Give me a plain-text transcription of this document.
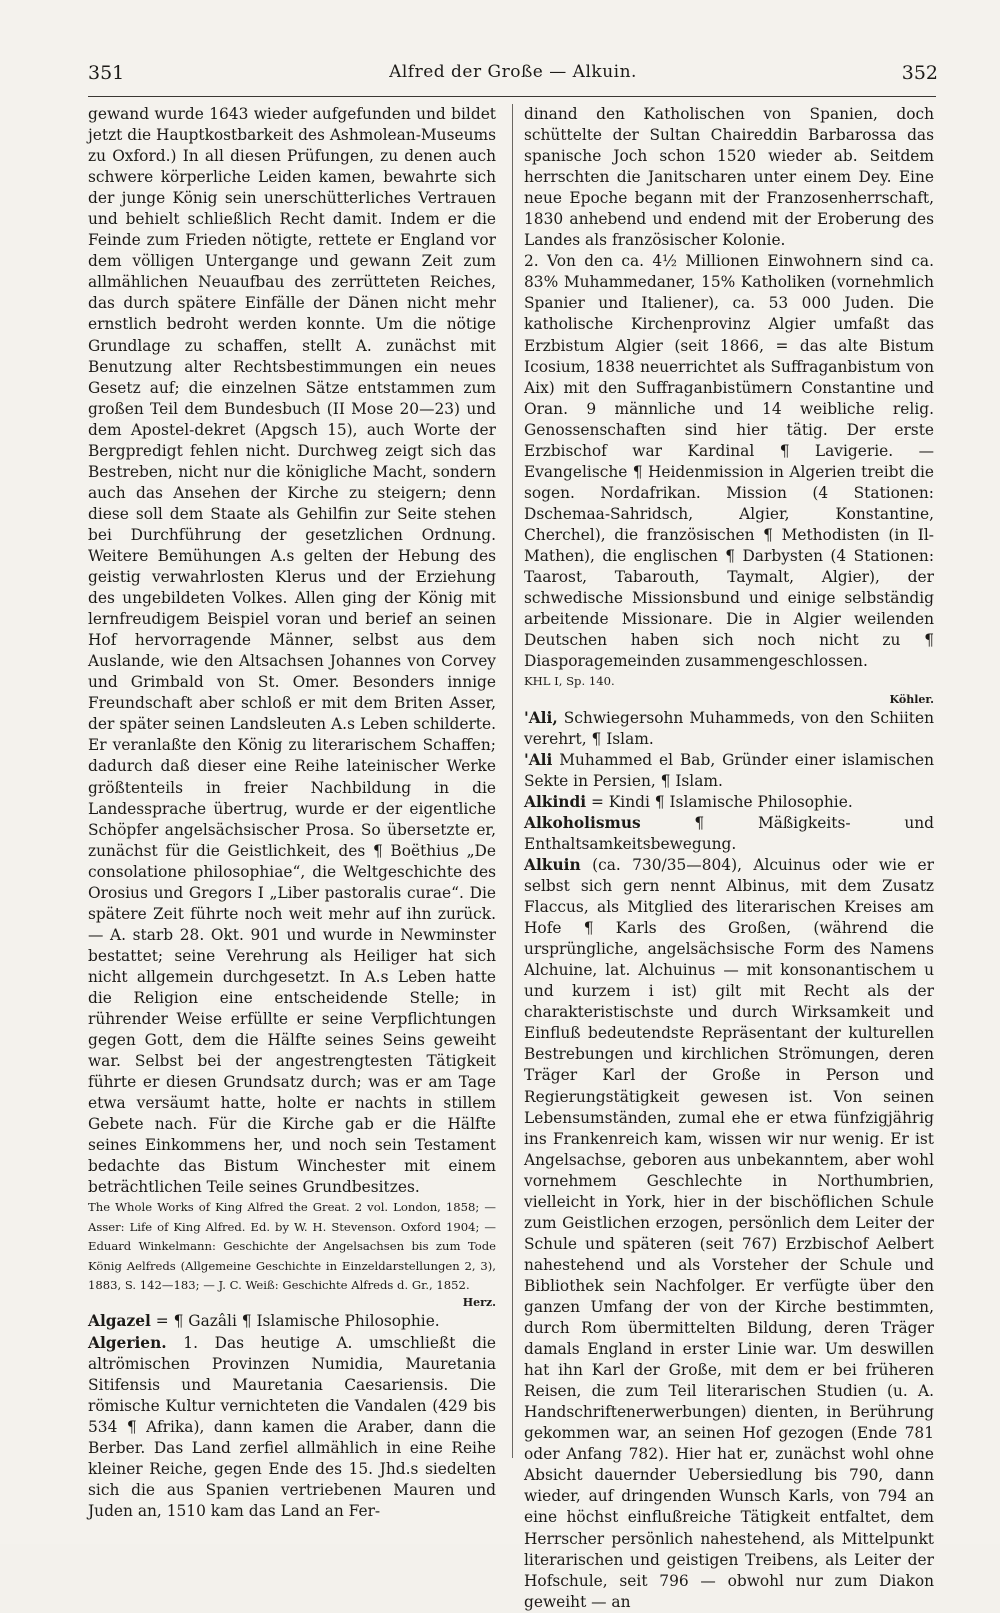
351	Alfred der Große — Alkuin.	352

gewand wurde 1643 wieder aufgefunden und bildet jetzt die Hauptkostbarkeit des Ashmolean-Museums zu Oxford.) In all diesen Prüfungen, zu denen auch schwere körperliche Leiden kamen, bewahrte sich der junge König sein unerschütterliches Vertrauen und behielt schließlich Recht damit. Indem er die Feinde zum Frieden nötigte, rettete er England vor dem völligen Untergange und gewann Zeit zum allmählichen Neuaufbau des zerrütteten Reiches, das durch spätere Einfälle der Dänen nicht mehr ernstlich bedroht werden konnte. Um die nötige Grundlage zu schaffen, stellt A. zunächst mit Benutzung alter Rechtsbestimmungen ein neues Gesetz auf; die einzelnen Sätze entstammen zum großen Teil dem Bundesbuch (II Mose 20—23) und dem Apostel-dekret (Apgsch 15), auch Worte der Bergpredigt fehlen nicht. Durchweg zeigt sich das Bestreben, nicht nur die königliche Macht, sondern auch das Ansehen der Kirche zu steigern; denn diese soll dem Staate als Gehilfin zur Seite stehen bei Durchführung der gesetzlichen Ordnung. Weitere Bemühungen A.s gelten der Hebung des geistig verwahrlosten Klerus und der Erziehung des ungebildeten Volkes. Allen ging der König mit lernfreudigem Beispiel voran und berief an seinen Hof hervorragende Männer, selbst aus dem Auslande, wie den Altsachsen Johannes von Corvey und Grimbald von St. Omer. Besonders innige Freundschaft aber schloß er mit dem Briten Asser, der später seinen Landsleuten A.s Leben schilderte. Er veranlaßte den König zu literarischem Schaffen; dadurch daß dieser eine Reihe lateinischer Werke größtenteils in freier Nachbildung in die Landessprache übertrug, wurde er der eigentliche Schöpfer angelsächsischer Prosa. So übersetzte er, zunächst für die Geistlichkeit, des ¶ Boëthius „De consolatione philosophiae“, die Weltgeschichte des Orosius und Gregors I „Liber pastoralis curae“. Die spätere Zeit führte noch weit mehr auf ihn zurück. — A. starb 28. Okt. 901 und wurde in Newminster bestattet; seine Verehrung als Heiliger hat sich nicht allgemein durchgesetzt. In A.s Leben hatte die Religion eine entscheidende Stelle; in rührender Weise erfüllte er seine Verpflichtungen gegen Gott, dem die Hälfte seines Seins geweiht war. Selbst bei der angestrengtesten Tätigkeit führte er diesen Grundsatz durch; was er am Tage etwa versäumt hatte, holte er nachts in stillem Gebete nach. Für die Kirche gab er die Hälfte seines Einkommens her, und noch sein Testament bedachte das Bistum Winchester mit einem beträchtlichen Teile seines Grundbesitzes.

The Whole Works of King Alfred the Great. 2 vol. London, 1858; — Asser: Life of King Alfred. Ed. by W. H. Stevenson. Oxford 1904; — Eduard Winkelmann: Geschichte der Angelsachsen bis zum Tode König Aelfreds (Allgemeine Geschichte in Einzeldarstellungen 2, 3), 1883, S. 142—183; — J. C. Weiß: Geschichte Alfreds d. Gr., 1852.

Herz.

Algazel = ¶ Gazâli ¶ Islamische Philosophie.

Algerien. 1. Das heutige A. umschließt die altrömischen Provinzen Numidia, Mauretania Sitifensis und Mauretania Caesariensis. Die römische Kultur vernichteten die Vandalen (429 bis 534 ¶ Afrika), dann kamen die Araber, dann die Berber. Das Land zerfiel allmählich in eine Reihe kleiner Reiche, gegen Ende des 15. Jhd.s siedelten sich die aus Spanien vertriebenen Mauren und Juden an, 1510 kam das Land an Fer-

dinand den Katholischen von Spanien, doch schüttelte der Sultan Chaireddin Barbarossa das spanische Joch schon 1520 wieder ab. Seitdem herrschten die Janitscharen unter einem Dey. Eine neue Epoche begann mit der Franzosenherrschaft, 1830 anhebend und endend mit der Eroberung des Landes als französischer Kolonie.

2. Von den ca. 4½ Millionen Einwohnern sind ca. 83% Muhammedaner, 15% Katholiken (vornehmlich Spanier und Italiener), ca. 53 000 Juden. Die katholische Kirchenprovinz Algier umfaßt das Erzbistum Algier (seit 1866, = das alte Bistum Icosium, 1838 neuerrichtet als Suffraganbistum von Aix) mit den Suffraganbistümern Constantine und Oran. 9 männliche und 14 weibliche relig. Genossenschaften sind hier tätig. Der erste Erzbischof war Kardinal ¶ Lavigerie. — Evangelische ¶ Heidenmission in Algerien treibt die sogen. Nordafrikan. Mission (4 Stationen: Dschemaa-Sahridsch, Algier, Konstantine, Cherchel), die französischen ¶ Methodisten (in Il-Mathen), die englischen ¶ Darbysten (4 Stationen: Taarost, Tabarouth, Taymalt, Algier), der schwedische Missionsbund und einige selbständig arbeitende Missionare. Die in Algier weilenden Deutschen haben sich noch nicht zu ¶ Diasporagemeinden zusammengeschlossen.

KHL I, Sp. 140.

Köhler.

'Ali, Schwiegersohn Muhammeds, von den Schiiten verehrt, ¶ Islam.

'Ali Muhammed el Bab, Gründer einer islamischen Sekte in Persien, ¶ Islam.

Alkindi = Kindi ¶ Islamische Philosophie.

Alkoholismus ¶ Mäßigkeits- und Enthaltsamkeitsbewegung.

Alkuin (ca. 730/35—804), Alcuinus oder wie er selbst sich gern nennt Albinus, mit dem Zusatz Flaccus, als Mitglied des literarischen Kreises am Hofe ¶ Karls des Großen, (während die ursprüngliche, angelsächsische Form des Namens Alchuine, lat. Alchuinus — mit konsonantischem u und kurzem i ist) gilt mit Recht als der charakteristischste und durch Wirksamkeit und Einfluß bedeutendste Repräsentant der kulturellen Bestrebungen und kirchlichen Strömungen, deren Träger Karl der Große in Person und Regierungstätigkeit gewesen ist. Von seinen Lebensumständen, zumal ehe er etwa fünfzigjährig ins Frankenreich kam, wissen wir nur wenig. Er ist Angelsachse, geboren aus unbekanntem, aber wohl vornehmem Geschlechte in Northumbrien, vielleicht in York, hier in der bischöflichen Schule zum Geistlichen erzogen, persönlich dem Leiter der Schule und späteren (seit 767) Erzbischof Aelbert nahestehend und als Vorsteher der Schule und Bibliothek sein Nachfolger. Er verfügte über den ganzen Umfang der von der Kirche bestimmten, durch Rom übermittelten Bildung, deren Träger damals England in erster Linie war. Um deswillen hat ihn Karl der Große, mit dem er bei früheren Reisen, die zum Teil literarischen Studien (u. A. Handschriftenerwerbungen) dienten, in Berührung gekommen war, an seinen Hof gezogen (Ende 781 oder Anfang 782). Hier hat er, zunächst wohl ohne Absicht dauernder Uebersiedlung bis 790, dann wieder, auf dringenden Wunsch Karls, von 794 an eine höchst einflußreiche Tätigkeit entfaltet, dem Herrscher persönlich nahestehend, als Mittelpunkt literarischen und geistigen Treibens, als Leiter der Hofschule, seit 796 — obwohl nur zum Diakon geweiht — an
